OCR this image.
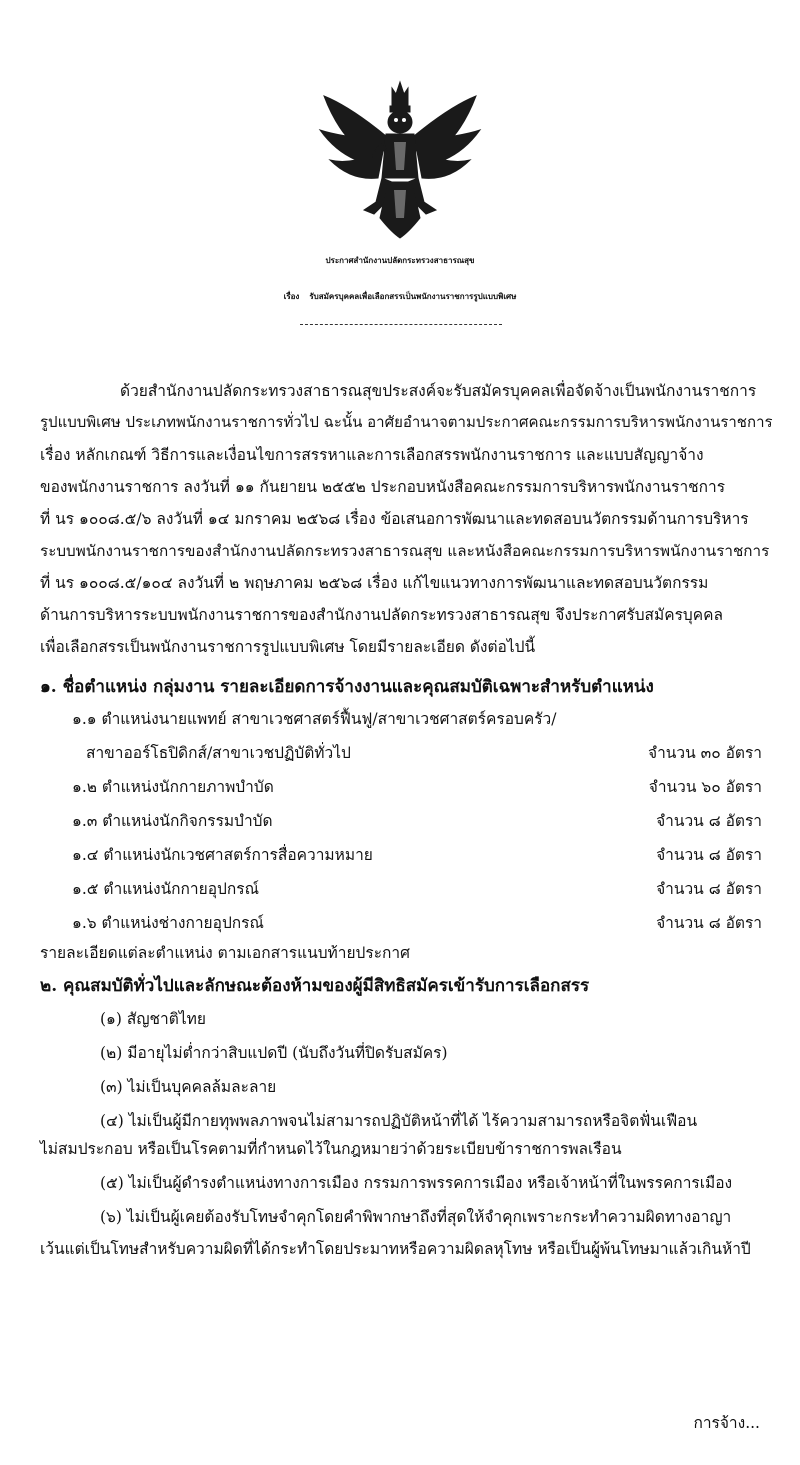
ประกาศสำนักงานปลัดกระทรวงสาธารณสุข
เรื่อง รับสมัครบุคคลเพื่อเลือกสรรเป็นพนักงานราชการรูปแบบพิเศษ
ด้วยสำนักงานปลัดกระทรวงสาธารณสุขประสงค์จะรับสมัครบุคคลเพื่อจัดจ้างเป็นพนักงานราชการ
รูปแบบพิเศษ ประเภทพนักงานราชการทั่วไป ฉะนั้น อาศัยอำนาจตามประกาศคณะกรรมการบริหารพนักงานราชการ
เรื่อง หลักเกณฑ์ วิธีการและเงื่อนไขการสรรหาและการเลือกสรรพนักงานราชการ และแบบสัญญาจ้าง
ของพนักงานราชการ ลงวันที่ ๑๑ กันยายน ๒๕๕๒ ประกอบหนังสือคณะกรรมการบริหารพนักงานราชการ
ที่ นร ๑๐๐๘.๕/๖ ลงวันที่ ๑๔ มกราคม ๒๕๖๘ เรื่อง ข้อเสนอการพัฒนาและทดสอบนวัตกรรมด้านการบริหาร
ระบบพนักงานราชการของสำนักงานปลัดกระทรวงสาธารณสุข และหนังสือคณะกรรมการบริหารพนักงานราชการ
ที่ นร ๑๐๐๘.๕/๑๐๔ ลงวันที่ ๒ พฤษภาคม ๒๕๖๘ เรื่อง แก้ไขแนวทางการพัฒนาและทดสอบนวัตกรรม
ด้านการบริหารระบบพนักงานราชการของสำนักงานปลัดกระทรวงสาธารณสุข จึงประกาศรับสมัครบุคคล
เพื่อเลือกสรรเป็นพนักงานราชการรูปแบบพิเศษ โดยมีรายละเอียด ดังต่อไปนี้
๑. ชื่อตำแหน่ง กลุ่มงาน รายละเอียดการจ้างงานและคุณสมบัติเฉพาะสำหรับตำแหน่ง
๑.๑ ตำแหน่งนายแพทย์ สาขาเวชศาสตร์ฟื้นฟู/สาขาเวชศาสตร์ครอบครัว/
สาขาออร์โธปิดิกส์/สาขาเวชปฏิบัติทั่วไป	จำนวน ๓๐ อัตรา
๑.๒ ตำแหน่งนักกายภาพบำบัด	จำนวน ๖๐ อัตรา
๑.๓ ตำแหน่งนักกิจกรรมบำบัด	จำนวน ๘ อัตรา
๑.๔ ตำแหน่งนักเวชศาสตร์การสื่อความหมาย	จำนวน ๘ อัตรา
๑.๕ ตำแหน่งนักกายอุปกรณ์	จำนวน ๘ อัตรา
๑.๖ ตำแหน่งช่างกายอุปกรณ์	จำนวน ๘ อัตรา
รายละเอียดแต่ละตำแหน่ง ตามเอกสารแนบท้ายประกาศ
๒. คุณสมบัติทั่วไปและลักษณะต้องห้ามของผู้มีสิทธิสมัครเข้ารับการเลือกสรร
(๑) สัญชาติไทย
(๒) มีอายุไม่ต่ำกว่าสิบแปดปี (นับถึงวันที่ปิดรับสมัคร)
(๓) ไม่เป็นบุคคลล้มละลาย
(๔) ไม่เป็นผู้มีกายทุพพลภาพจนไม่สามารถปฏิบัติหน้าที่ได้ ไร้ความสามารถหรือจิตฟั่นเฟือน
ไม่สมประกอบ หรือเป็นโรคตามที่กำหนดไว้ในกฎหมายว่าด้วยระเบียบข้าราชการพลเรือน
(๕) ไม่เป็นผู้ดำรงตำแหน่งทางการเมือง กรรมการพรรคการเมือง หรือเจ้าหน้าที่ในพรรคการเมือง
(๖) ไม่เป็นผู้เคยต้องรับโทษจำคุกโดยคำพิพากษาถึงที่สุดให้จำคุกเพราะกระทำความผิดทางอาญา
เว้นแต่เป็นโทษสำหรับความผิดที่ได้กระทำโดยประมาทหรือความผิดลหุโทษ หรือเป็นผู้พ้นโทษมาแล้วเกินห้าปี
การจ้าง...
